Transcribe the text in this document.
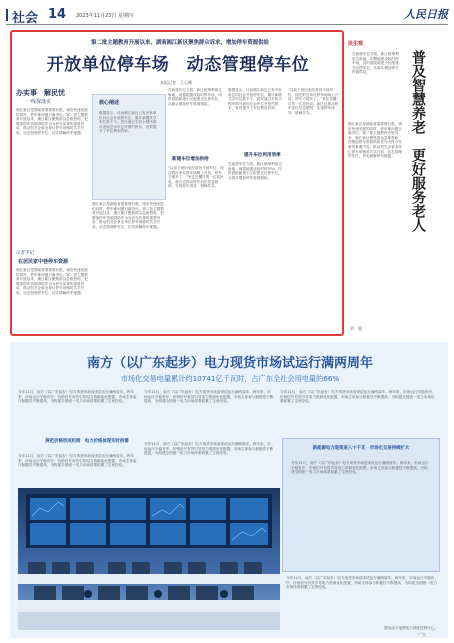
社会 14 2023年11月23日 星期四	人民日报
第二批主题教育开展以来，湖南湘江新区聚焦群众诉求，增加停车资源供给
开放单位停车场　动态管理停车位
本报记者　王云娜
办实事　解民忧
一线探落实
湘江新区是湖南省重要增长极，城市快速发展的同时，停车难问题日渐突出。第二批主题教育开展以来，湘江新区聚焦群众急难愁盼，把增加停车资源供给作为为民办实事的重要内容，推动机关企事业单位停车场错时共享开放，动态管理停车位，切实缓解停车难题。
记者手记
在居民家中巷停车资源
湘江新区是湖南省重要增长极，城市快速发展的同时，停车难问题日渐突出。第二批主题教育开展以来，湘江新区聚焦群众急难愁盼，把增加停车资源供给作为为民办实事的重要内容，推动机关企事业单位停车场错时共享开放，动态管理停车位，切实缓解停车难题。
核心阐述
数据显示，目前湘江新区已有多家单位向社会开放停车位，累计新增共享车位数千个。居民通过手机小程序即可查询空余车位并预约停车，有效提升了车位利用效率。
湘江新区是湖南省重要增长极，城市快速发展的同时，停车难问题日渐突出。第二批主题教育开展以来，湘江新区聚焦群众急难愁盼，把增加停车资源供给作为为民办实事的重要内容，推动机关企事业单位停车场错时共享开放，动态管理停车位，切实缓解停车难题。
在新建车位方面，新区统筹利用边角地、闲置地建设临时停车场，同时鼓励新建小区配建充足停车位，从源头增加停车资源供给。
新建车位增加供给
“以前下班回来经常找不到车位，现在附近单位停车场晚上开放，停车方便多了。”家住岳麓区的一位居民说。新区还推动停车泊位信息联网，实现停车诱导、错峰共享。
数据显示，目前湘江新区已有多家单位向社会开放停车位，累计新增共享车位数千个。居民通过手机小程序即可查询空余车位并预约停车，有效提升了车位利用效率。
提升车位利用效率
在新建车位方面，新区统筹利用边角地、闲置地建设临时停车场，同时鼓励新建小区配建充足停车位，从源头增加停车资源供给。
“以前下班回来经常找不到车位，现在附近单位停车场晚上开放，停车方便多了。”家住岳麓区的一位居民说。新区还推动停车泊位信息联网，实现停车诱导、错峰共享。
民生观
在新建车位方面，新区统筹利用边角地、闲置地建设临时停车场，同时鼓励新建小区配建充足停车位，从源头增加停车资源供给。	普及智慧养老　更好服务老人
湘江新区是湖南省重要增长极，城市快速发展的同时，停车难问题日渐突出。第二批主题教育开展以来，湘江新区聚焦群众急难愁盼，把增加停车资源供给作为为民办实事的重要内容，推动机关企事业单位停车场错时共享开放，动态管理停车位，切实缓解停车难题。
刘　强
南方（以广东起步）电力现货市场试运行满两周年
市场化交易电量累计约10741亿千瓦时，占广东全社会用电量的66%
今年11月，南方（以广东起步）电力现货市场迎来试运行满两周年。两年来，市场运行平稳有序，价格信号有效引导电力资源优化配置，市场主体参与积极性不断提高，为构建全国统一电力市场体系积累了宝贵经验。
今年11月，南方（以广东起步）电力现货市场迎来试运行满两周年。两年来，市场运行平稳有序，价格信号有效引导电力资源优化配置，市场主体参与积极性不断提高，为构建全国统一电力市场体系积累了宝贵经验。
今年11月，南方（以广东起步）电力现货市场迎来试运行满两周年。两年来，市场运行平稳有序，价格信号有效引导电力资源优化配置，市场主体参与积极性不断提高，为构建全国统一电力市场体系积累了宝贵经验。
规范价格形成机制　电力价格体现实时供需
今年11月，南方（以广东起步）电力现货市场迎来试运行满两周年。两年来，市场运行平稳有序，价格信号有效引导电力资源优化配置，市场主体参与积极性不断提高，为构建全国统一电力市场体系积累了宝贵经验。
今年11月，南方（以广东起步）电力现货市场迎来试运行满两周年。两年来，市场运行平稳有序，价格信号有效引导电力资源优化配置，市场主体参与积极性不断提高，为构建全国统一电力市场体系积累了宝贵经验。
新能源电力现货进入十千瓦　市场化交易持续扩大
今年11月，南方（以广东起步）电力现货市场迎来试运行满两周年。两年来，市场运行平稳有序，价格信号有效引导电力资源优化配置，市场主体参与积极性不断提高，为构建全国统一电力市场体系积累了宝贵经验。
今年11月，南方（以广东起步）电力现货市场迎来试运行满两周年。两年来，市场运行平稳有序，价格信号有效引导电力资源优化配置，市场主体参与积极性不断提高，为构建全国统一电力市场体系积累了宝贵经验。
图为南方电网电力调度控制中心。
广告
